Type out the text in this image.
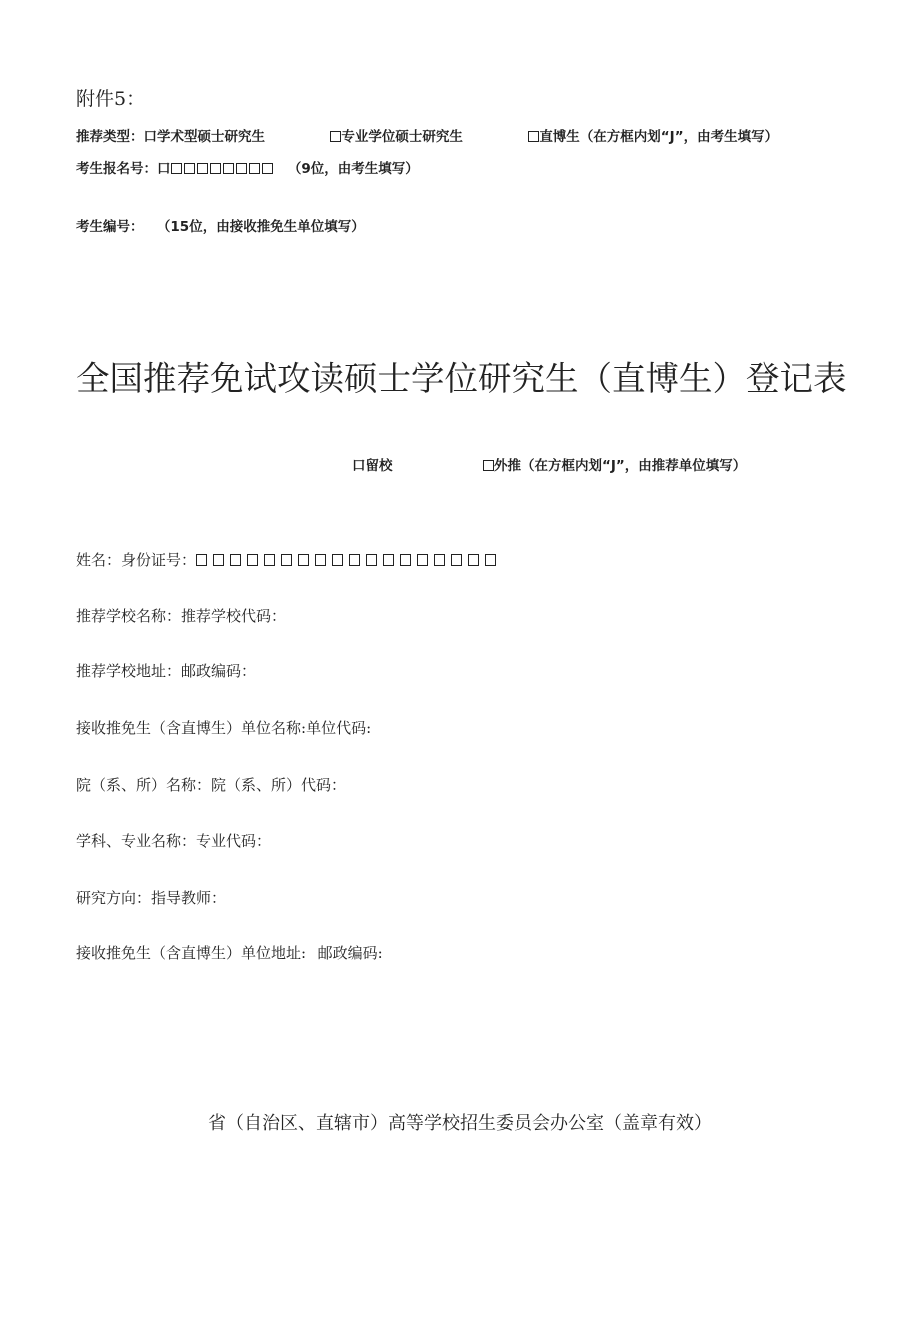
附件5：
推荐类型：口学术型硕士研究生	专业学位硕士研究生	直博生（在方框内划“J”，由考生填写）
考生报名号：口	（9位，由考生填写）
考生编号： （15位，由接收推免生单位填写）
全国推荐免试攻读硕士学位研究生（直博生）登记表
口留校	外推（在方框内划“J”，由推荐单位填写）
姓名：身份证号：
推荐学校名称：推荐学校代码：
推荐学校地址：邮政编码：
接收推免生（含直博生）单位名称:单位代码:
院（系、所）名称：院（系、所）代码：
学科、专业名称：专业代码：
研究方向：指导教师：
接收推免生（含直博生）单位地址: 邮政编码:
省（自治区、直辖市）高等学校招生委员会办公室（盖章有效）
